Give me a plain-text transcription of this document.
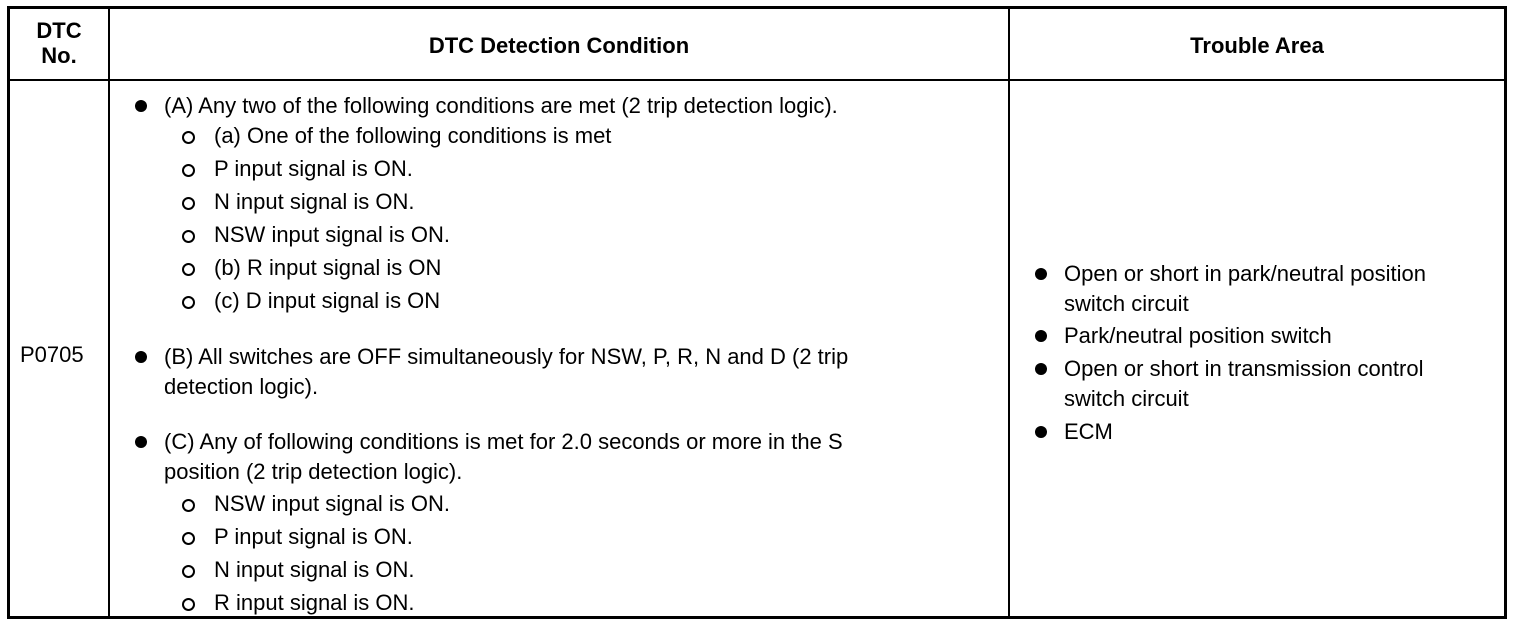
DTC
No.	DTC Detection Condition	Trouble Area
P0705
(A) Any two of the following conditions are met (2 trip detection logic).
(a) One of the following conditions is met
P input signal is ON.
N input signal is ON.
NSW input signal is ON.
(b) R input signal is ON
(c) D input signal is ON
(B) All switches are OFF simultaneously for NSW, P, R, N and D (2 trip
detection logic).
(C) Any of following conditions is met for 2.0 seconds or more in the S
position (2 trip detection logic).
NSW input signal is ON.
P input signal is ON.
N input signal is ON.
R input signal is ON.
Open or short in park/neutral position
switch circuit
Park/neutral position switch
Open or short in transmission control
switch circuit
ECM
